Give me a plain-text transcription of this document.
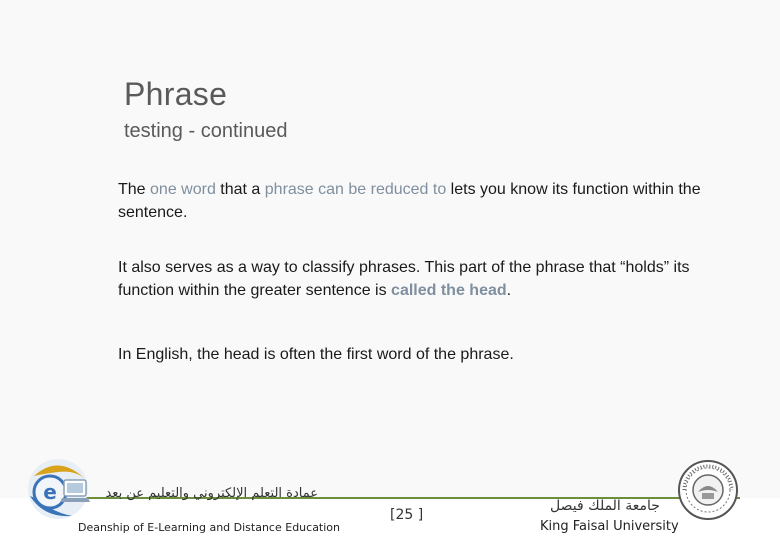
Phrase
testing - continued
The one word that a phrase can be reduced to lets you know its function within the sentence.
It also serves as a way to classify phrases. This part of the phrase that “holds” its function within the greater sentence is called the head.
In English, the head is often the first word of the phrase.
e	عمادة التعلم الإلكتروني والتعليم عن بعد
Deanship of E-Learning and Distance Education
[25 ]
جامعة الملك فيصل
King Faisal University
